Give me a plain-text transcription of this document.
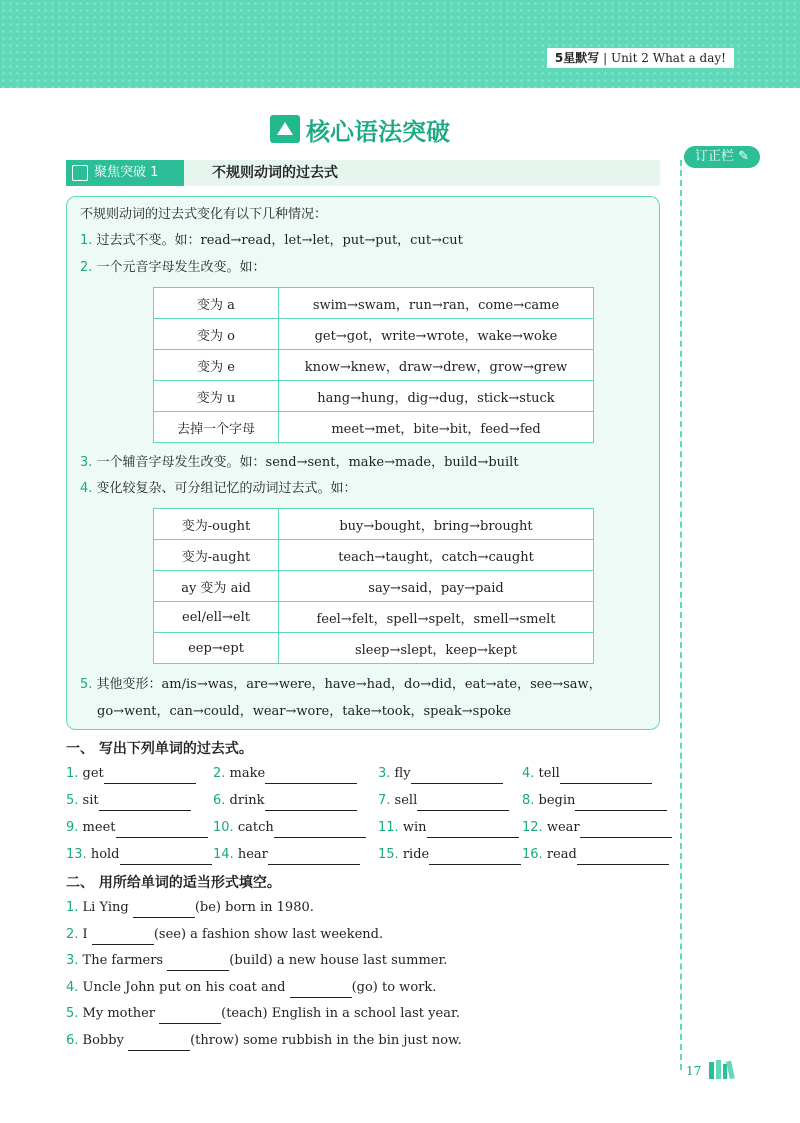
5星默写 | Unit 2 What a day!
核心语法突破
聚焦突破 1	不规则动词的过去式
订正栏 ✎

不规则动词的过去式变化有以下几种情况：

1. 过去式不变。如：read→read，let→let，put→put，cut→cut

2. 一个元音字母发生改变。如：

3. 一个辅音字母发生改变。如：send→sent，make→made，build→built

4. 变化较复杂、可分组记忆的动词过去式。如：

5. 其他变形：am/is→was，are→were，have→had，do→did，eat→ate，see→saw，

go→went，can→could，wear→wore，take→took，speak→spoke

变为 a	swim→swam，run→ran，come→came
变为 o	get→got，write→wrote，wake→woke
变为 e	know→knew，draw→drew，grow→grew
变为 u	hang→hung，dig→dug，stick→stuck
去掉一个字母	meet→met，bite→bit，feed→fed
变为-ought	buy→bought，bring→brought
变为-aught	teach→taught，catch→caught
ay 变为 aid	say→said，pay→paid
eel/ell→elt	feel→felt，spell→spelt，smell→smelt
eep→ept	sleep→slept，keep→kept
一、 写出下列单词的过去式。
1. get	2. make	3. fly	4. tell
5. sit	6. drink	7. sell	8. begin
9. meet	10. catch	11. win	12. wear
13. hold	14. hear	15. ride	16. read
二、 用所给单词的适当形式填空。
1. Li Ying	(be) born in 1980.
2. I	(see) a fashion show last weekend.
3. The farmers	(build) a new house last summer.
4. Uncle John put on his coat and	(go) to work.
5. My mother	(teach) English in a school last year.
6. Bobby	(throw) some rubbish in the bin just now.
17
